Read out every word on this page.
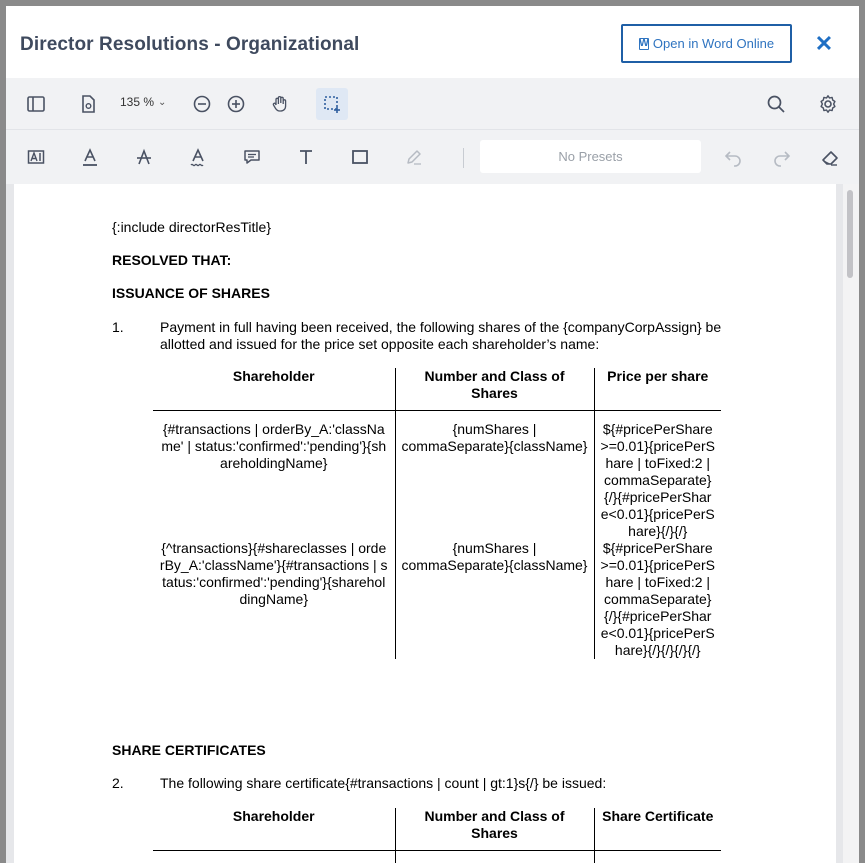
Director Resolutions - Organizational	W Open in Word Online ✕
135 % ⌄
No Presets
{:include directorResTitle}
RESOLVED THAT:
ISSUANCE OF SHARES
1.	Payment in full having been received, the following shares of the {companyCorpAssign} be allotted and issued for the price set opposite each shareholder’s name:
Shareholder	Number and Class of Shares	Price per share

{#transactions | orderBy_A:'className' | status:'confirmed':'pending'}{shareholdingName}	{numShares | commaSeparate}{className}	${#pricePerShare>=0.01}{pricePerShare | toFixed:2 | commaSeparate}{/}{#pricePerShare<0.01}{pricePerShare}{/}{/}

{^transactions}{#shareclasses | orderBy_A:'className'}{#transactions | status:'confirmed':'pending'}{shareholdingName}	{numShares | commaSeparate}{className}	${#pricePerShare>=0.01}{pricePerShare | toFixed:2 | commaSeparate}{/}{#pricePerShare<0.01}{pricePerShare}{/}{/}{/}{/}
SHARE CERTIFICATES
2.	The following share certificate{#transactions | count | gt:1}s{/} be issued:
Shareholder	Number and Class of Shares	Share Certificate
